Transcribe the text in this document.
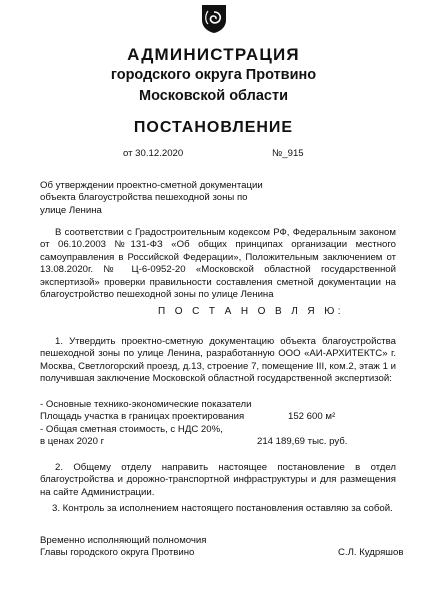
АДМИНИСТРАЦИЯ
городского округа Протвино
Московской области
ПОСТАНОВЛЕНИЕ
от 30.12.2020	№_915
Об утверждении проектно-сметной документации
объекта благоустройства пешеходной зоны по
улице Ленина
В соответствии с Градостроительным кодексом РФ, Федеральным законом от 06.10.2003 №131-ФЗ «Об общих принципах организации местного самоуправления в Российской Федерации», Положительным заключением от 13.08.2020г. № Ц-6-0952-20 «Московской областной государственной экспертизой» проверки правильности составления сметной документации на благоустройство пешеходной зоны по улице Ленина
П О С Т А Н О В Л Я Ю:
1. Утвердить проектно-сметную документацию объекта благоустройства пешеходной зоны по улице Ленина, разработанную ООО «АИ-АРХИТЕКТС» г. Москва, Светлогорский проезд, д.13, строение 7, помещение III, ком.2, этаж 1 и получившая заключение Московской областной государственной экспертизой:
- Основные технико-экономические показатели
Площадь участка в границах проектирования	152 600 м²
- Общая сметная стоимость, с НДС 20%,
в ценах 2020 г	214 189,69 тыс. руб.
2. Общему отделу направить настоящее постановление в отдел благоустройства и дорожно-транспортной инфраструктуры и для размещения на сайте Администрации.
3. Контроль за исполнением настоящего постановления оставляю за собой.
Временно исполняющий полномочия
Главы городского округа Протвино	С.Л. Кудряшов
